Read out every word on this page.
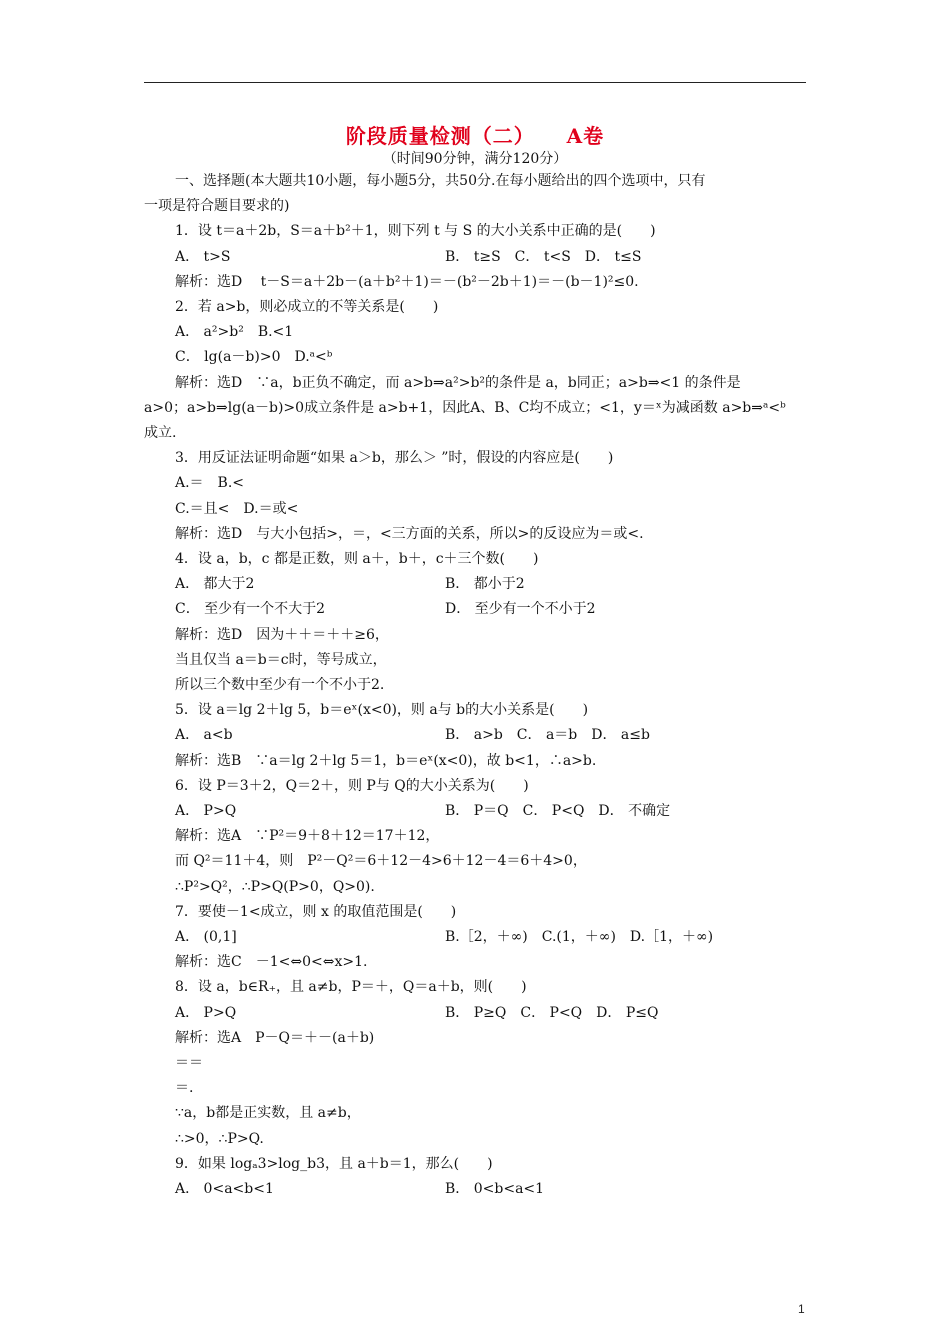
阶段质量检测（二）    A卷
（时间90分钟，满分120分）
一、选择题(本大题共10小题，每小题5分，共50分.在每小题给出的四个选项中，只有
一项是符合题目要求的)
1．设 t＝a＋2b，S＝a＋b²＋1，则下列 t 与 S 的大小关系中正确的是(　　)
A． t>S	B． t≥S　C． t<S　D． t≤S
解析：选D　 t－S＝a＋2b－(a＋b²＋1)＝－(b²－2b＋1)＝－(b－1)²≤0.
2．若 a>b，则必成立的不等关系是(　　)
A． a²>b²　B.<1
C． lg(a－b)>0　D.ᵃ<ᵇ
解析：选D　∵a，b正负不确定，而 a>b⇒a²>b²的条件是 a，b同正；a>b⇒<1 的条件是
a>0；a>b⇒lg(a－b)>0成立条件是 a>b+1，因此A、B、C均不成立；<1，y＝ˣ为减函数 a>b⇒ᵃ<ᵇ
成立.
3．用反证法证明命题“如果 a＞b，那么＞ ”时，假设的内容应是(　　)
A.＝　B.<
C.＝且<　D.＝或<
解析：选D　与大小包括>，＝，<三方面的关系，所以>的反设应为＝或<.
4．设 a，b，c 都是正数，则 a＋，b＋，c＋三个数(　　)
A． 都大于2	B． 都小于2
C． 至少有一个不大于2	D． 至少有一个不小于2
解析：选D　因为＋＋＝＋＋≥6，
当且仅当 a＝b＝c时，等号成立，
所以三个数中至少有一个不小于2.
5．设 a＝lg 2＋lg 5，b＝eˣ(x<0)，则 a与 b的大小关系是(　　)
A． a<b	B． a>b　C． a＝b　D． a≤b
解析：选B　∵a＝lg 2＋lg 5＝1，b＝eˣ(x<0)，故 b<1，∴a>b.
6．设 P＝3＋2，Q＝2＋，则 P与 Q的大小关系为(　　)
A． P>Q	B． P＝Q　C． P<Q　D． 不确定
解析：选A　∵P²＝9＋8＋12＝17＋12，
而 Q²＝11＋4，则　P²－Q²＝6＋12－4>6＋12－4＝6＋4>0，
∴P²>Q²，∴P>Q(P>0，Q>0).
7．要使－1<成立，则 x 的取值范围是(　　)
A． (0,1]	B.［2，＋∞)　C.(1，＋∞)　D.［1，＋∞)
解析：选C　－1<⇔0<⇔x>1.
8．设 a，b∈R₊，且 a≠b，P＝＋，Q＝a＋b，则(　　)
A． P>Q	B． P≥Q　C． P<Q　D． P≤Q
解析：选A　P－Q＝＋－(a＋b)
＝＝
＝.
∵a，b都是正实数，且 a≠b，
∴>0，∴P>Q.
9．如果 logₐ3>log_b3，且 a＋b＝1，那么(　　)
A． 0<a<b<1	B． 0<b<a<1
1
